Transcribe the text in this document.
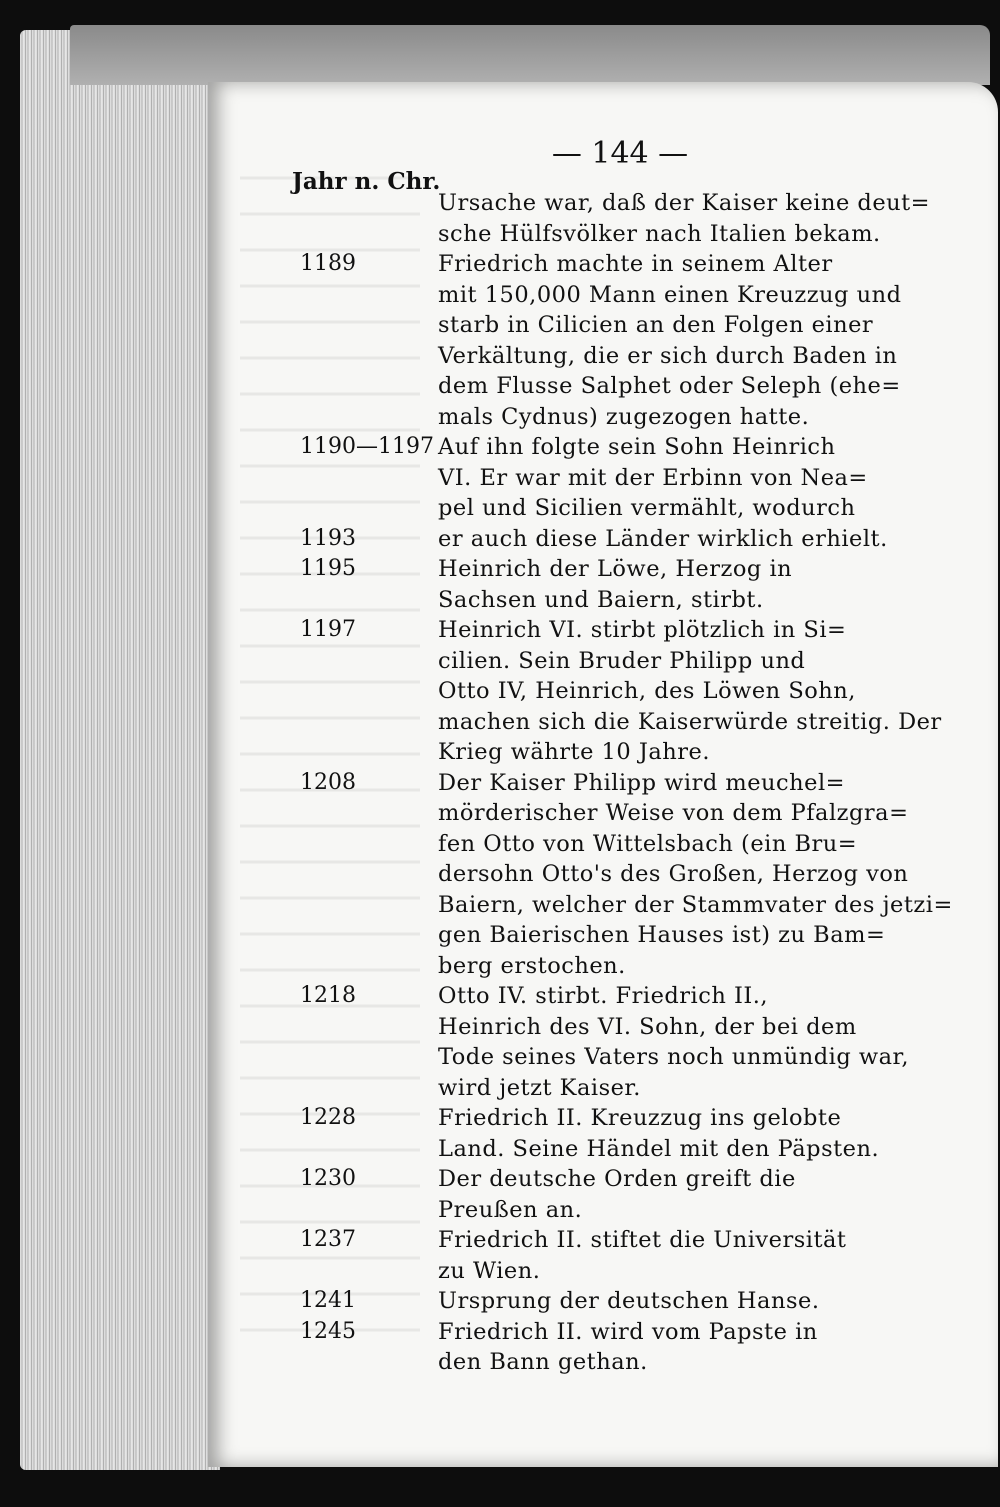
— 144 —
Jahr n. Chr.
Ursache war, daß der Kaiser keine deut=
sche Hülfsvölker nach Italien bekam.
1189	Friedrich machte in seinem Alter
mit 150,000 Mann einen Kreuzzug und
starb in Cilicien an den Folgen einer
Verkältung, die er sich durch Baden in
dem Flusse Salphet oder Seleph (ehe=
mals Cydnus) zugezogen hatte.
1190—1197 Auf ihn folgte sein Sohn Heinrich
VI. Er war mit der Erbinn von Nea=
pel und Sicilien vermählt, wodurch
1193	er auch diese Länder wirklich erhielt.
1195	Heinrich der Löwe, Herzog in
Sachsen und Baiern, stirbt.
1197	Heinrich VI. stirbt plötzlich in Si=
cilien. Sein Bruder Philipp und
Otto IV, Heinrich, des Löwen Sohn,
machen sich die Kaiserwürde streitig. Der
Krieg währte 10 Jahre.
1208	Der Kaiser Philipp wird meuchel=
mörderischer Weise von dem Pfalzgra=
fen Otto von Wittelsbach (ein Bru=
dersohn Otto's des Großen, Herzog von
Baiern, welcher der Stammvater des jetzi=
gen Baierischen Hauses ist) zu Bam=
berg erstochen.
1218	Otto IV. stirbt. Friedrich II.,
Heinrich des VI. Sohn, der bei dem
Tode seines Vaters noch unmündig war,
wird jetzt Kaiser.
1228	Friedrich II. Kreuzzug ins gelobte
Land. Seine Händel mit den Päpsten.
1230	Der deutsche Orden greift die
Preußen an.
1237	Friedrich II. stiftet die Universität
zu Wien.
1241	Ursprung der deutschen Hanse.
1245	Friedrich II. wird vom Papste in
den Bann gethan.
